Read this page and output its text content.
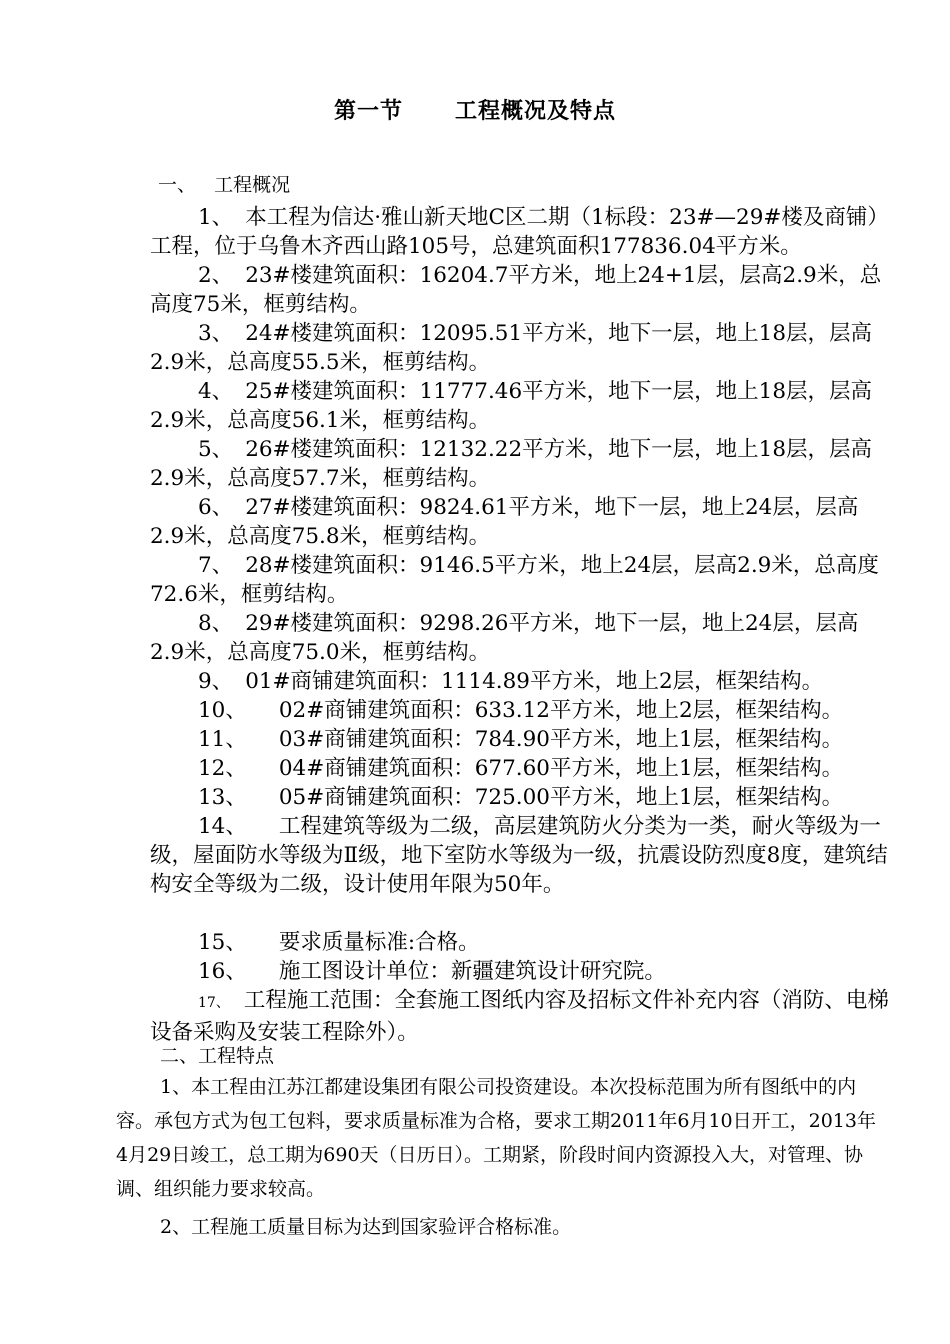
第一节      工程概况及特点
一、   工程概况

1、 本工程为信达·雅山新天地C区二期（1标段：23#—29#楼及商铺）工程，位于乌鲁木齐西山路105号，总建筑面积177836.04平方米。

2、 23#楼建筑面积：16204.7平方米，地上24+1层，层高2.9米，总高度75米，框剪结构。

3、 24#楼建筑面积：12095.51平方米，地下一层，地上18层，层高2.9米，总高度55.5米，框剪结构。

4、 25#楼建筑面积：11777.46平方米，地下一层，地上18层，层高2.9米，总高度56.1米，框剪结构。

5、 26#楼建筑面积：12132.22平方米，地下一层，地上18层，层高2.9米，总高度57.7米，框剪结构。

6、 27#楼建筑面积：9824.61平方米，地下一层，地上24层，层高2.9米，总高度75.8米，框剪结构。

7、 28#楼建筑面积：9146.5平方米，地上24层，层高2.9米，总高度72.6米，框剪结构。

8、 29#楼建筑面积：9298.26平方米，地下一层，地上24层，层高2.9米，总高度75.0米，框剪结构。

9、 01#商铺建筑面积：1114.89平方米，地上2层，框架结构。

10、 02#商铺建筑面积：633.12平方米，地上2层，框架结构。

11、 03#商铺建筑面积：784.90平方米，地上1层，框架结构。

12、 04#商铺建筑面积：677.60平方米，地上1层，框架结构。

13、 05#商铺建筑面积：725.00平方米，地上1层，框架结构。

14、 工程建筑等级为二级，高层建筑防火分类为一类，耐火等级为一级，屋面防水等级为Ⅱ级，地下室防水等级为一级，抗震设防烈度8度，建筑结构安全等级为二级，设计使用年限为50年。

15、 要求质量标准:合格。

16、 施工图设计单位：新疆建筑设计研究院。

17、 工程施工范围：全套施工图纸内容及招标文件补充内容（消防、电梯设备采购及安装工程除外）。

二、工程特点

1、本工程由江苏江都建设集团有限公司投资建设。本次投标范围为所有图纸中的内容。承包方式为包工包料，要求质量标准为合格，要求工期2011年6月10日开工，2013年4月29日竣工，总工期为690天（日历日）。工期紧，阶段时间内资源投入大，对管理、协调、组织能力要求较高。

2、工程施工质量目标为达到国家验评合格标准。
